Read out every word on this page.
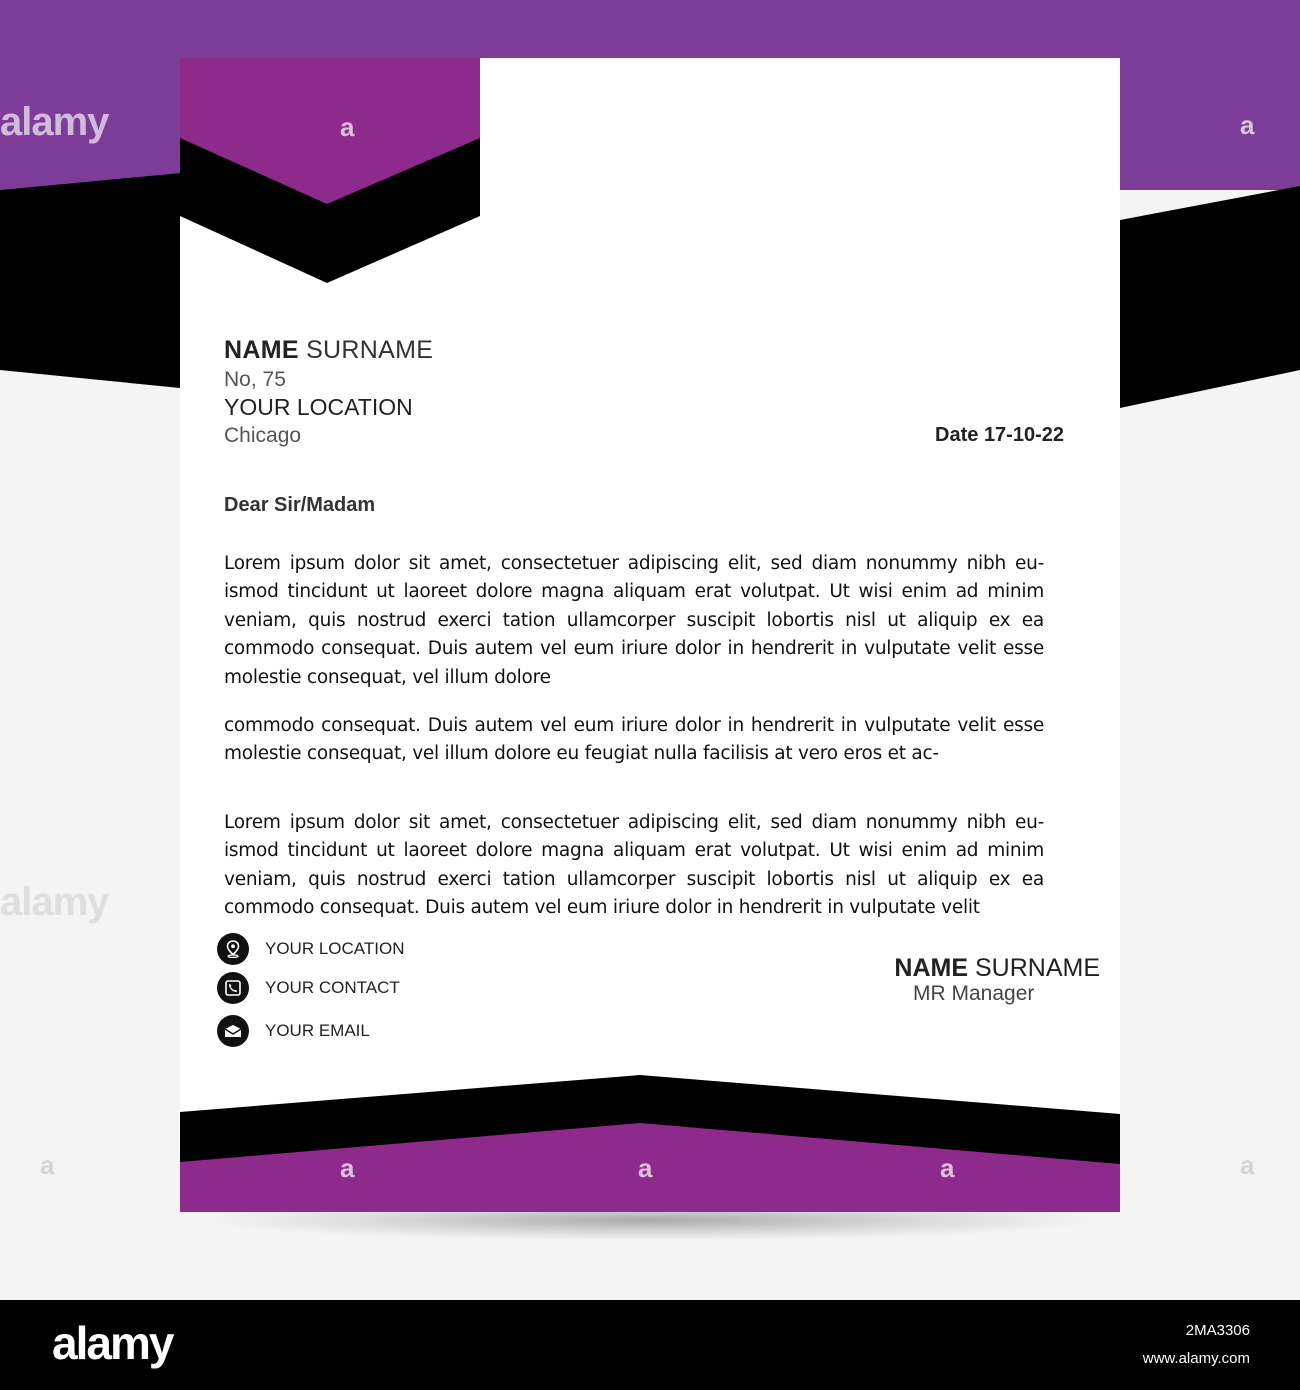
alamy
alamy
a
a
a
a
a	a	a
NAME SURNAME
No, 75
YOUR LOCATION
Chicago	Date 17-10-22
Dear Sir/Madam

Lorem ipsum dolor sit amet, consectetuer adipiscing elit, sed diam nonummy nibh eu-ismod tincidunt ut laoreet dolore magna aliquam erat volutpat. Ut wisi enim ad minim veniam, quis nostrud exerci tation ullamcorper suscipit lobortis nisl ut aliquip ex ea commodo consequat. Duis autem vel eum iriure dolor in hendrerit in vulputate velit esse molestie consequat, vel illum dolore

commodo consequat. Duis autem vel eum iriure dolor in hendrerit in vulputate velit esse molestie consequat, vel illum dolore eu feugiat nulla facilisis at vero eros et ac-

Lorem ipsum dolor sit amet, consectetuer adipiscing elit, sed diam nonummy nibh eu-ismod tincidunt ut laoreet dolore magna aliquam erat volutpat. Ut wisi enim ad minim veniam, quis nostrud exerci tation ullamcorper suscipit lobortis nisl ut aliquip ex ea commodo consequat. Duis autem vel eum iriure dolor in hendrerit in vulputate velit

YOUR LOCATION
YOUR CONTACT
YOUR EMAIL
NAME SURNAME
MR Manager
alamy	2MA3306
www.alamy.com
